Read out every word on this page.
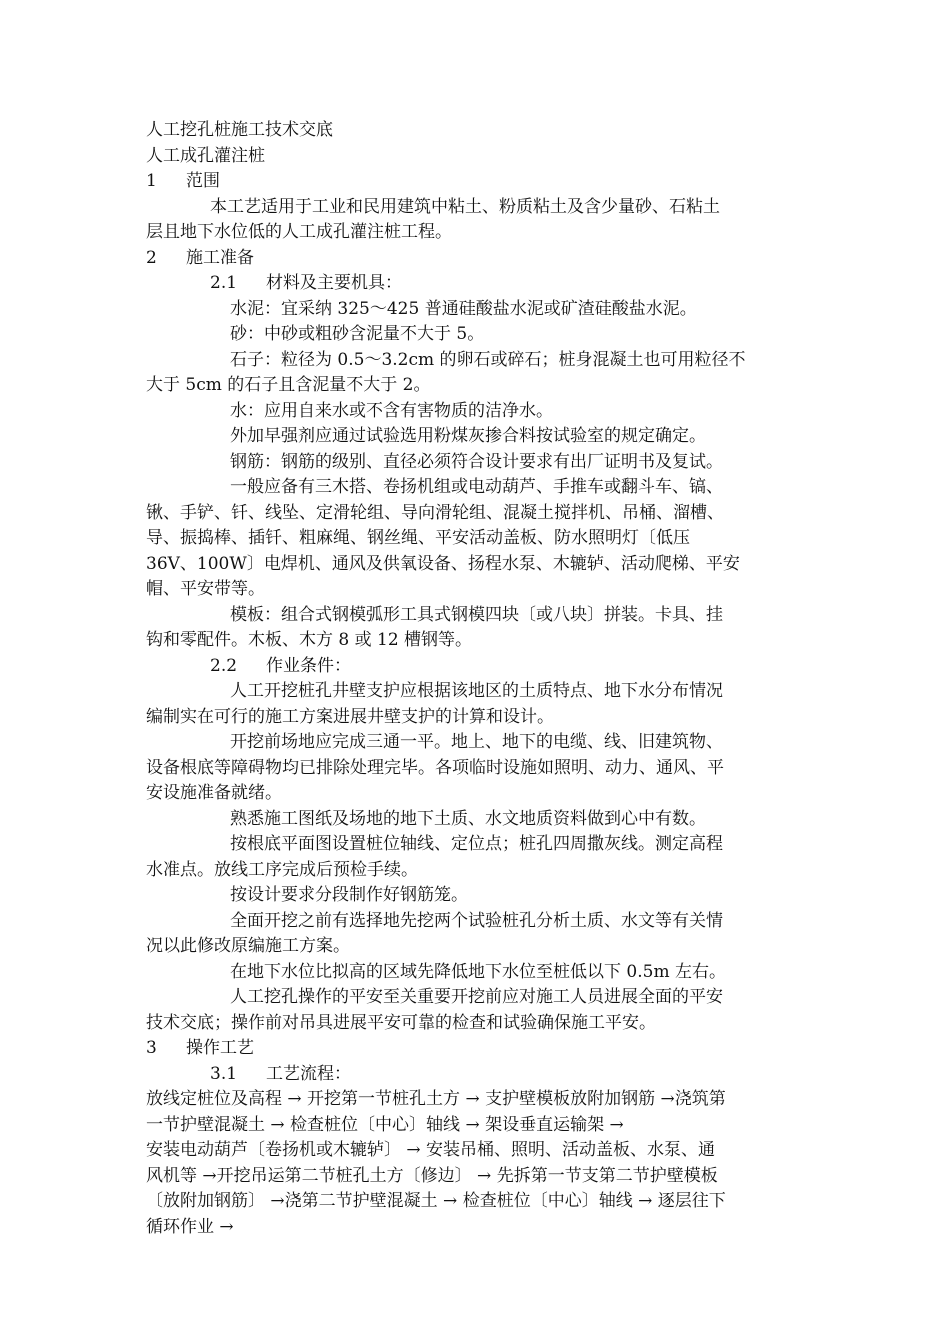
人工挖孔桩施工技术交底
人工成孔灌注桩
1 范围
本工艺适用于工业和民用建筑中粘土、粉质粘土及含少量砂、石粘土
层且地下水位低的人工成孔灌注桩工程。
2 施工准备
2.1 材料及主要机具：
水泥：宜采纳 325～425 普通硅酸盐水泥或矿渣硅酸盐水泥。
砂：中砂或粗砂含泥量不大于 5。
石子：粒径为 0.5～3.2cm 的卵石或碎石；桩身混凝土也可用粒径不
大于 5cm 的石子且含泥量不大于 2。
水：应用自来水或不含有害物质的洁净水。
外加早强剂应通过试验选用粉煤灰掺合料按试验室的规定确定。
钢筋：钢筋的级别、直径必须符合设计要求有出厂证明书及复试。
一般应备有三木搭、卷扬机组或电动葫芦、手推车或翻斗车、镐、
锹、手铲、钎、线坠、定滑轮组、导向滑轮组、混凝土搅拌机、吊桶、溜槽、
导、振捣棒、插钎、粗麻绳、钢丝绳、平安活动盖板、防水照明灯〔低压
36V、100W〕电焊机、通风及供氧设备、扬程水泵、木辘轳、活动爬梯、平安
帽、平安带等。
模板：组合式钢模弧形工具式钢模四块〔或八块〕拼装。卡具、挂
钩和零配件。木板、木方 8 或 12 槽钢等。
2.2 作业条件：
人工开挖桩孔井壁支护应根据该地区的土质特点、地下水分布情况
编制实在可行的施工方案进展井壁支护的计算和设计。
开挖前场地应完成三通一平。地上、地下的电缆、线、旧建筑物、
设备根底等障碍物均已排除处理完毕。各项临时设施如照明、动力、通风、平
安设施准备就绪。
熟悉施工图纸及场地的地下土质、水文地质资料做到心中有数。
按根底平面图设置桩位轴线、定位点；桩孔四周撒灰线。测定高程
水准点。放线工序完成后预检手续。
按设计要求分段制作好钢筋笼。
全面开挖之前有选择地先挖两个试验桩孔分析土质、水文等有关情
况以此修改原编施工方案。
在地下水位比拟高的区域先降低地下水位至桩低以下 0.5m 左右。
人工挖孔操作的平安至关重要开挖前应对施工人员进展全面的平安
技术交底；操作前对吊具进展平安可靠的检查和试验确保施工平安。
3 操作工艺
3.1 工艺流程：
放线定桩位及高程 → 开挖第一节桩孔土方 → 支护壁模板放附加钢筋 →浇筑第
一节护壁混凝土 → 检查桩位〔中心〕轴线 → 架设垂直运输架 →
安装电动葫芦〔卷扬机或木辘轳〕 → 安装吊桶、照明、活动盖板、水泵、通
风机等 →开挖吊运第二节桩孔土方〔修边〕 → 先拆第一节支第二节护壁模板
〔放附加钢筋〕 →浇第二节护壁混凝土 → 检查桩位〔中心〕轴线 → 逐层往下
循环作业 →
